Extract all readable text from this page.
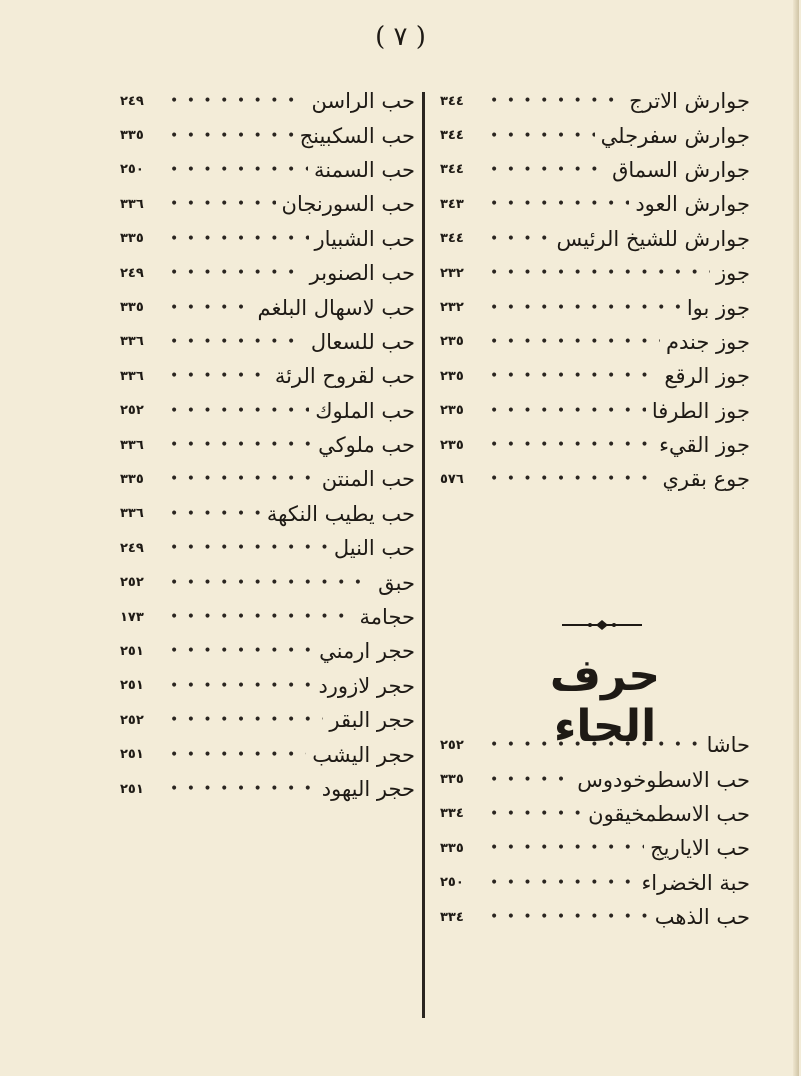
( ٧ )
٣٤٤ • • •	جوارش الاترج
٣٤٤ • • •	جوارش سفرجلي
٣٤٤ • • •	جوارش السماق
٣٤٣ • • •	جوارش العود
٣٤٤ • • •	جوارش للشيخ الرئيس
٢٣٢ • • •	جوز
٢٣٢ • • •	جوز بوا
٢٣٥ • • •	جوز جندم
٢٣٥ • • •	جوز الرقع
٢٣٥ • • •	جوز الطرفا
٢٣٥ • • •	جوز القيء
٥٧٦ • • •	جوع بقري
حرف الحاء
٢٥٢ • • •	حاشا
٣٣٥ • • •	حب الاسطوخودوس
٣٣٤ • • •	حب الاسطمخيقون
٣٣٥ • • •	حب الاياريج
٢٥٠ • • •	حبة الخضراء
٣٣٤ • • •	حب الذهب
٢٤٩ • • •	حب الراسن
٣٣٥ • • •	حب السكبينج
٢٥٠ • • •	حب السمنة
٣٣٦ • • •	حب السورنجان
٣٣٥ • • •	حب الشبيار
٢٤٩ • • •	حب الصنوبر
٣٣٥ • • •	حب لاسهال البلغم
٣٣٦ • • •	حب للسعال
٣٣٦ • • •	حب لقروح الرئة
٢٥٢ • • •	حب الملوك
٣٣٦ • • •	حب ملوكي
٣٣٥ • • •	حب المنتن
٣٣٦ • • •	حب يطيب النكهة
٢٤٩ • • •	حب النيل
٢٥٢ • • •	حبق
١٧٣ • • •	حجامة
٢٥١ • • •	حجر ارمني
٢٥١ • • •	حجر لازورد
٢٥٢ • • •	حجر البقر
٢٥١ • • •	حجر اليشب
٢٥١ • • •	حجر اليهود
